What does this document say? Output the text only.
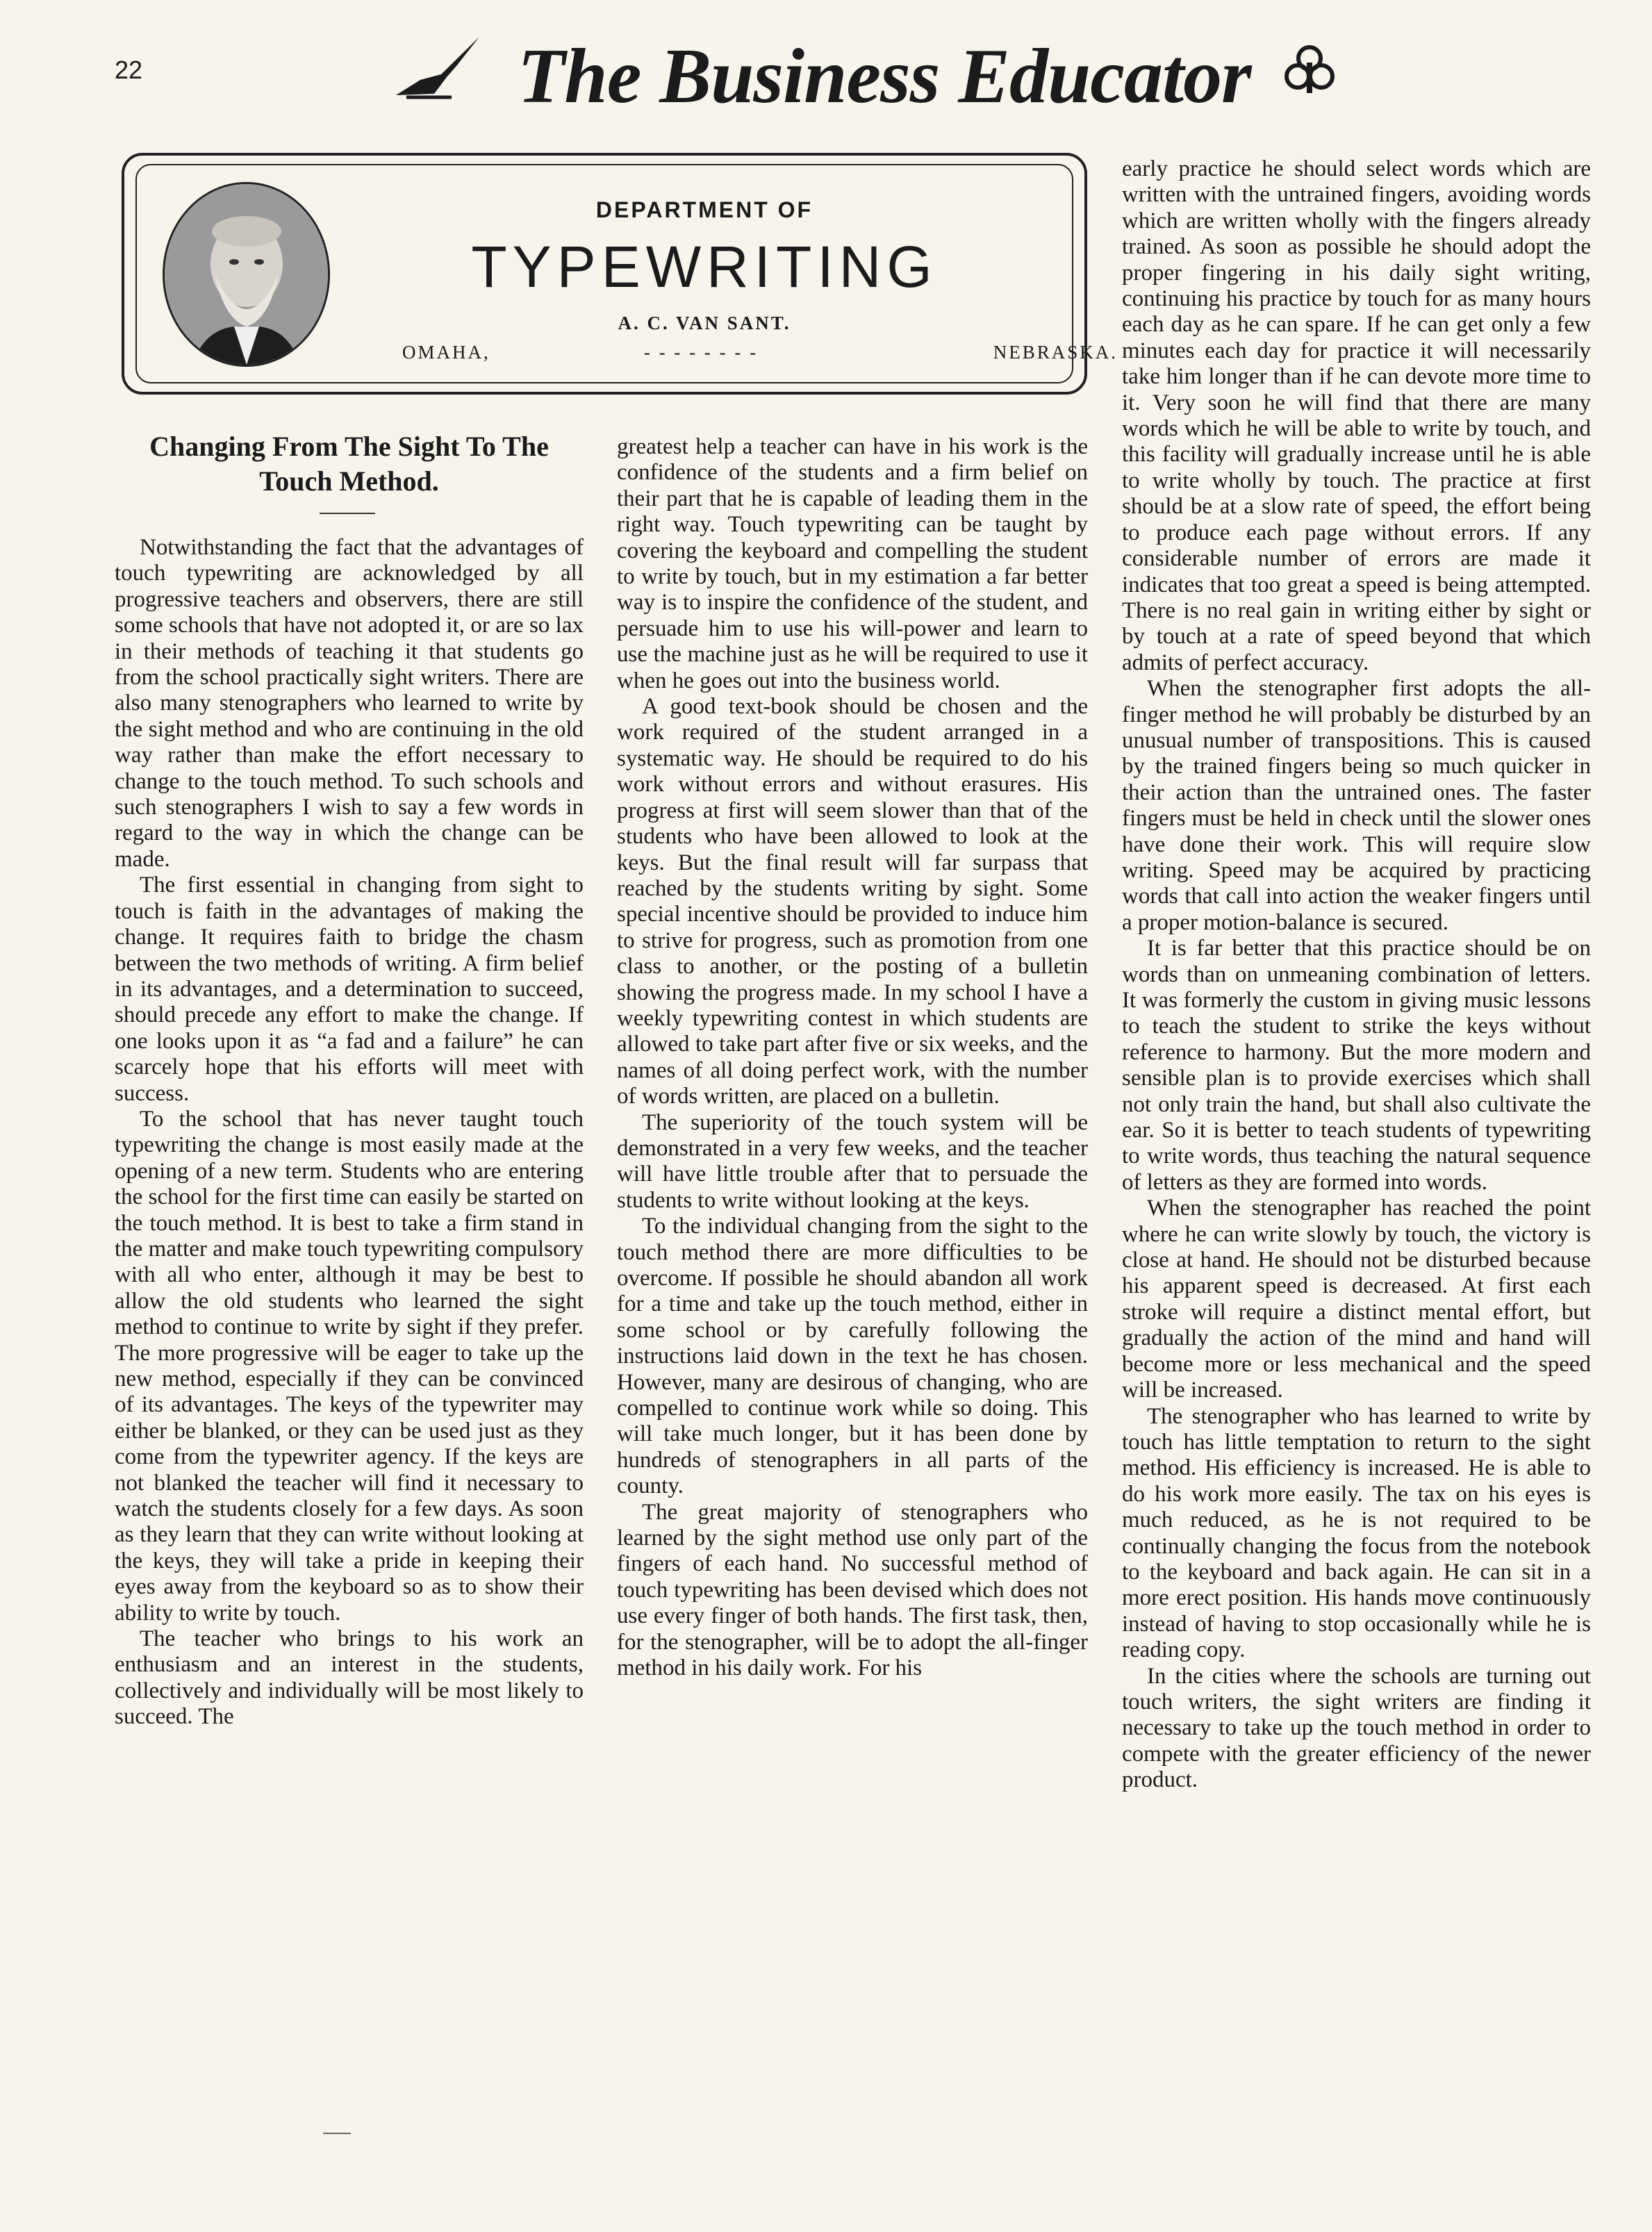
22	The Business Educator
DEPARTMENT OF
TYPEWRITING
A. C. VAN SANT.
OMAHA,	- - - - - - - -	NEBRASKA.
Changing From The Sight To The Touch Method.

Notwithstanding the fact that the advantages of touch typewriting are acknowledged by all progressive teachers and observers, there are still some schools that have not adopted it, or are so lax in their methods of teaching it that students go from the school practically sight writers. There are also many stenographers who learned to write by the sight method and who are continuing in the old way rather than make the effort necessary to change to the touch method. To such schools and such stenographers I wish to say a few words in regard to the way in which the change can be made.

The first essential in changing from sight to touch is faith in the advantages of making the change. It requires faith to bridge the chasm between the two methods of writing. A firm belief in its advantages, and a determination to succeed, should precede any effort to make the change. If one looks upon it as “a fad and a failure” he can scarcely hope that his efforts will meet with success.

To the school that has never taught touch typewriting the change is most easily made at the opening of a new term. Students who are entering the school for the first time can easily be started on the touch method. It is best to take a firm stand in the matter and make touch typewriting compulsory with all who enter, although it may be best to allow the old students who learned the sight method to continue to write by sight if they prefer. The more progressive will be eager to take up the new method, especially if they can be convinced of its advantages. The keys of the typewriter may either be blanked, or they can be used just as they come from the typewriter agency. If the keys are not blanked the teacher will find it necessary to watch the students closely for a few days. As soon as they learn that they can write without looking at the keys, they will take a pride in keeping their eyes away from the keyboard so as to show their ability to write by touch.

The teacher who brings to his work an enthusiasm and an interest in the students, collectively and individually will be most likely to succeed. The

greatest help a teacher can have in his work is the confidence of the students and a firm belief on their part that he is capable of leading them in the right way. Touch typewriting can be taught by covering the keyboard and compelling the student to write by touch, but in my estimation a far better way is to inspire the confidence of the student, and persuade him to use his will-power and learn to use the machine just as he will be required to use it when he goes out into the business world.

A good text-book should be chosen and the work required of the student arranged in a systematic way. He should be required to do his work without errors and without erasures. His progress at first will seem slower than that of the students who have been allowed to look at the keys. But the final result will far surpass that reached by the students writing by sight. Some special incentive should be provided to induce him to strive for progress, such as promotion from one class to another, or the posting of a bulletin showing the progress made. In my school I have a weekly typewriting contest in which students are allowed to take part after five or six weeks, and the names of all doing perfect work, with the number of words written, are placed on a bulletin.

The superiority of the touch system will be demonstrated in a very few weeks, and the teacher will have little trouble after that to persuade the students to write without looking at the keys.

To the individual changing from the sight to the touch method there are more difficulties to be overcome. If possible he should abandon all work for a time and take up the touch method, either in some school or by carefully following the instructions laid down in the text he has chosen. However, many are desirous of changing, who are compelled to continue work while so doing. This will take much longer, but it has been done by hundreds of stenographers in all parts of the county.

The great majority of stenographers who learned by the sight method use only part of the fingers of each hand. No successful method of touch typewriting has been devised which does not use every finger of both hands. The first task, then, for the stenographer, will be to adopt the all-finger method in his daily work. For his

early practice he should select words which are written with the untrained fingers, avoiding words which are written wholly with the fingers already trained. As soon as possible he should adopt the proper fingering in his daily sight writing, continuing his practice by touch for as many hours each day as he can spare. If he can get only a few minutes each day for practice it will necessarily take him longer than if he can devote more time to it. Very soon he will find that there are many words which he will be able to write by touch, and this facility will gradually increase until he is able to write wholly by touch. The practice at first should be at a slow rate of speed, the effort being to produce each page without errors. If any considerable number of errors are made it indicates that too great a speed is being attempted. There is no real gain in writing either by sight or by touch at a rate of speed beyond that which admits of perfect accuracy.

When the stenographer first adopts the all-finger method he will probably be disturbed by an unusual number of transpositions. This is caused by the trained fingers being so much quicker in their action than the untrained ones. The faster fingers must be held in check until the slower ones have done their work. This will require slow writing. Speed may be acquired by practicing words that call into action the weaker fingers until a proper motion-balance is secured.

It is far better that this practice should be on words than on unmeaning combination of letters. It was formerly the custom in giving music lessons to teach the student to strike the keys without reference to harmony. But the more modern and sensible plan is to provide exercises which shall not only train the hand, but shall also cultivate the ear. So it is better to teach students of typewriting to write words, thus teaching the natural sequence of letters as they are formed into words.

When the stenographer has reached the point where he can write slowly by touch, the victory is close at hand. He should not be disturbed because his apparent speed is decreased. At first each stroke will require a distinct mental effort, but gradually the action of the mind and hand will become more or less mechanical and the speed will be increased.

The stenographer who has learned to write by touch has little temptation to return to the sight method. His efficiency is increased. He is able to do his work more easily. The tax on his eyes is much reduced, as he is not required to be continually changing the focus from the notebook to the keyboard and back again. He can sit in a more erect position. His hands move continuously instead of having to stop occasionally while he is reading copy.

In the cities where the schools are turning out touch writers, the sight writers are finding it necessary to take up the touch method in order to compete with the greater efficiency of the newer product.
